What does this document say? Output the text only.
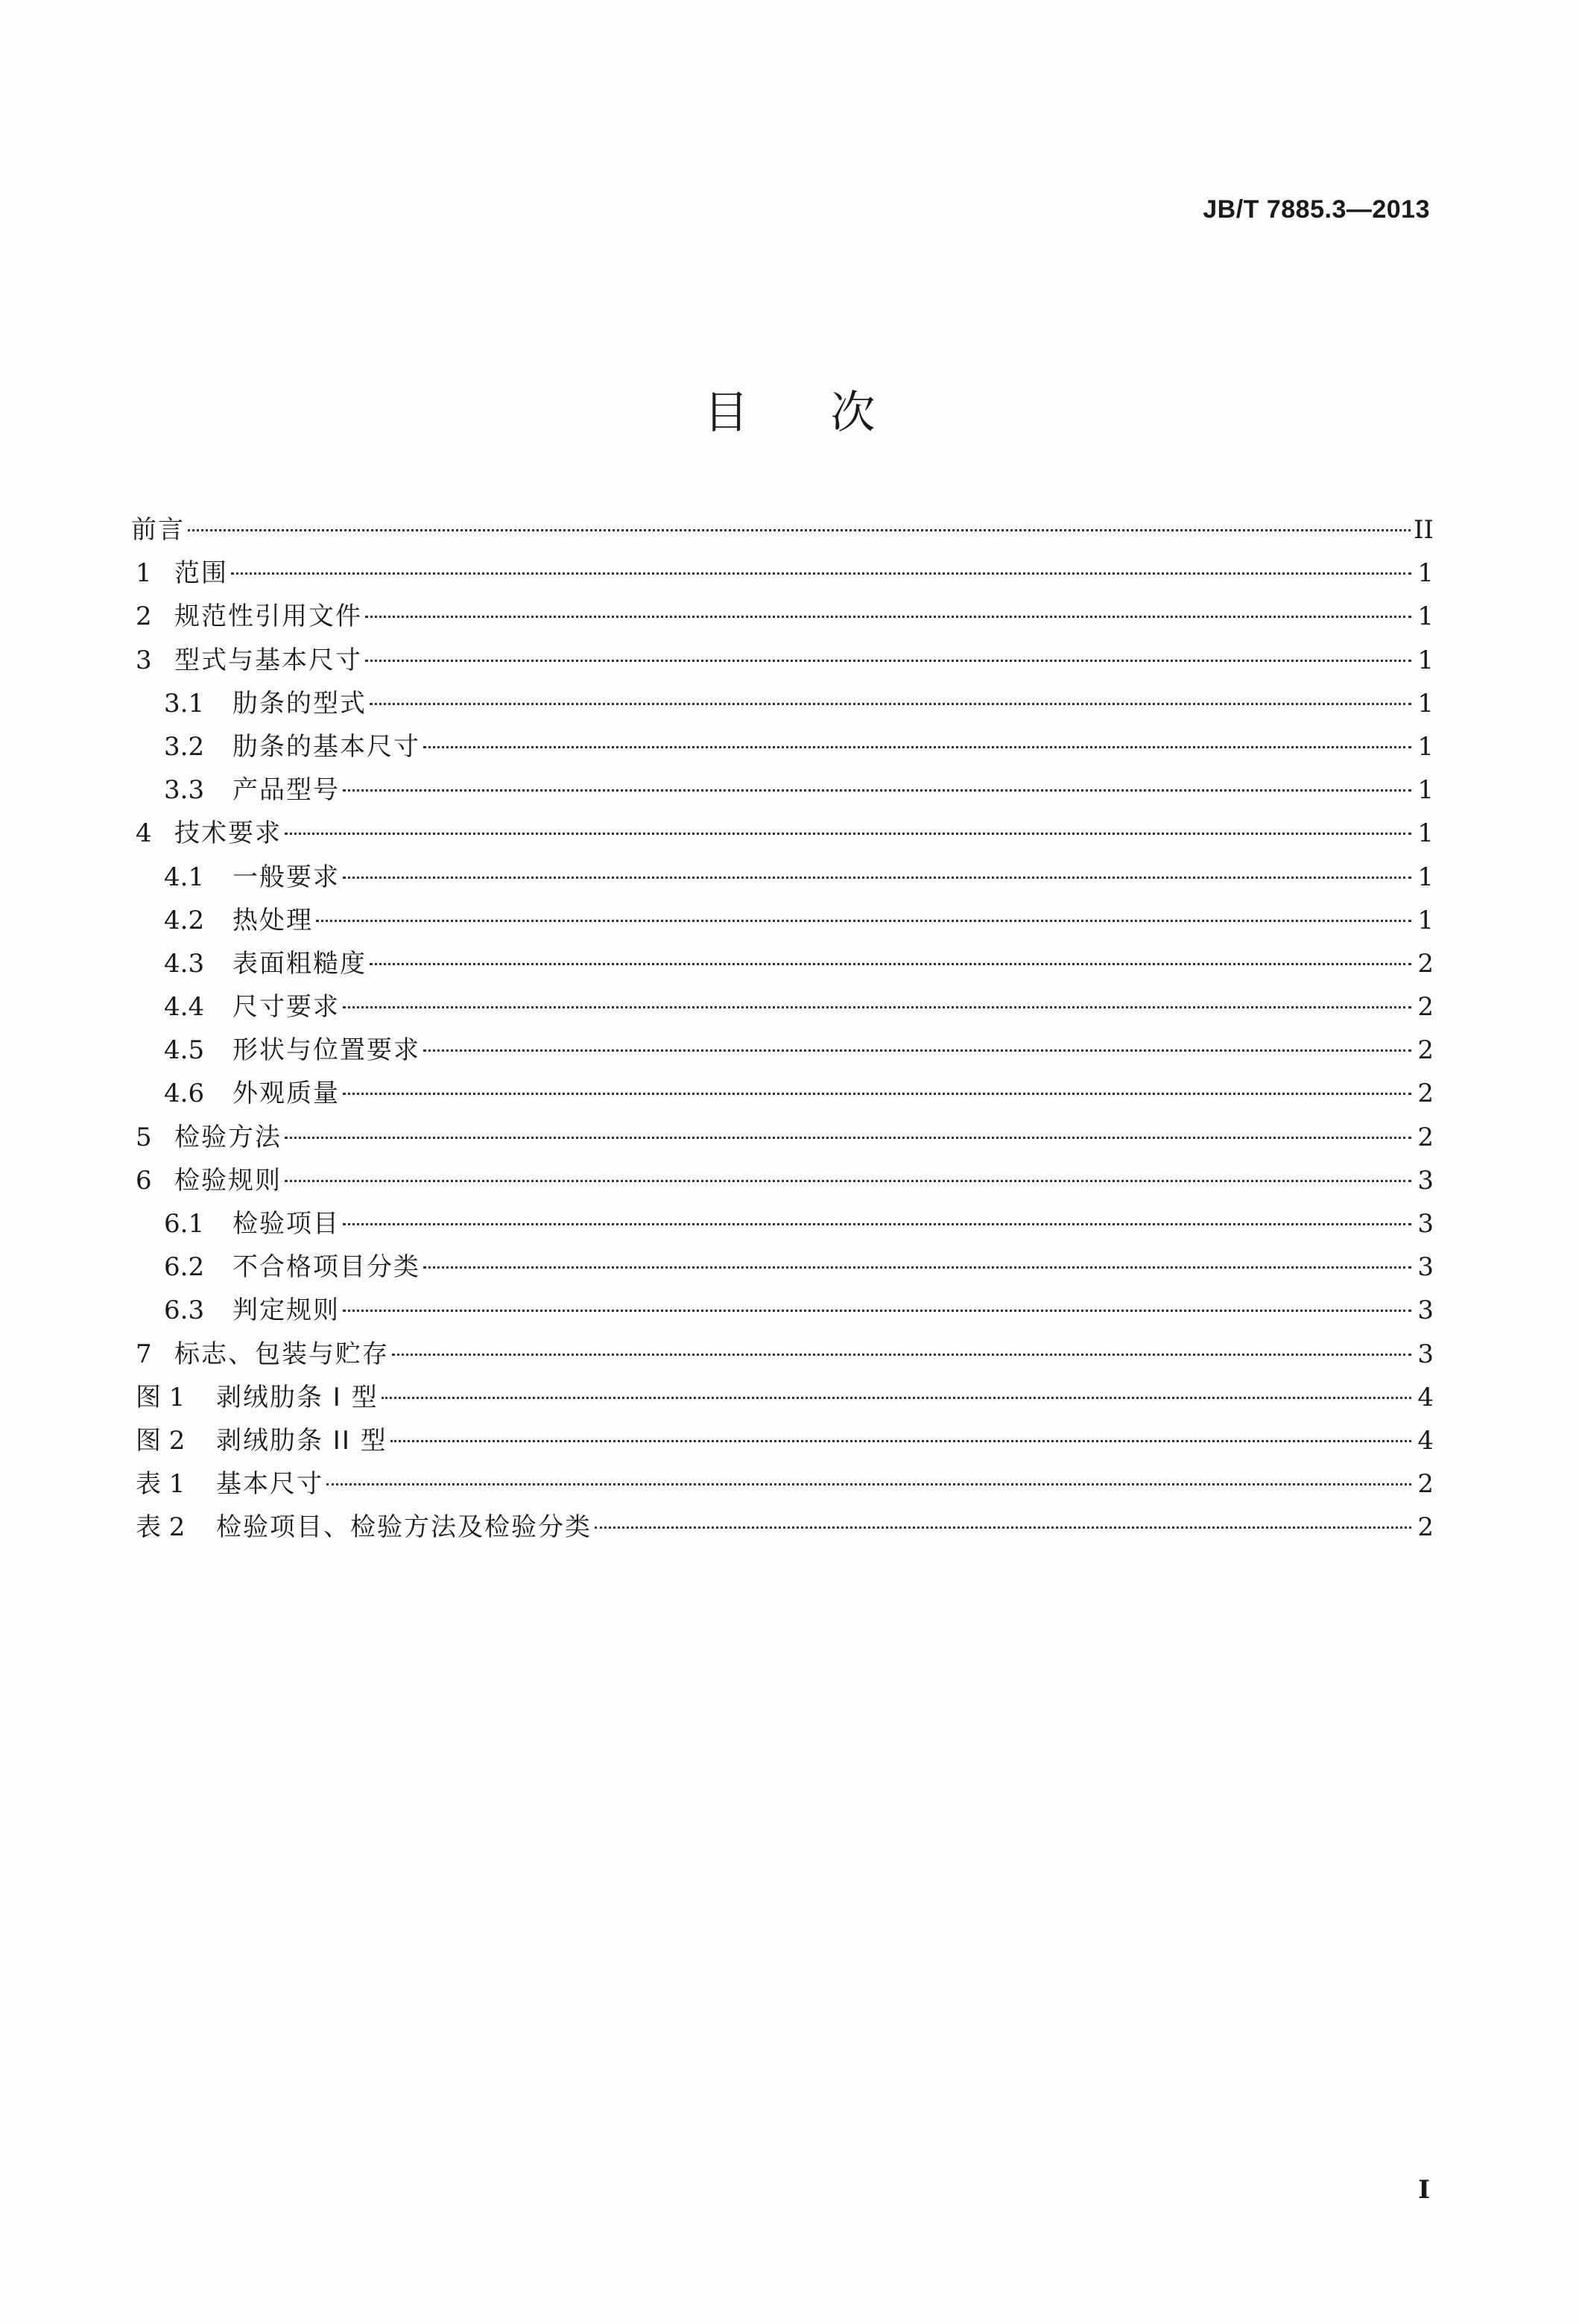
JB/T 7885.3—2013
目次
前言	II
1 范围	1
2 规范性引用文件	1
3 型式与基本尺寸	1
3.1	肋条的型式	1
3.2	肋条的基本尺寸	1
3.3	产品型号	1
4 技术要求	1
4.1	一般要求	1
4.2	热处理	1
4.3	表面粗糙度	2
4.4	尺寸要求	2
4.5	形状与位置要求	2
4.6	外观质量	2
5 检验方法	2
6 检验规则	3
6.1	检验项目	3
6.2	不合格项目分类	3
6.3	判定规则	3
7 标志、包装与贮存	3
图 1	剥绒肋条 I 型	4
图 2	剥绒肋条 II 型	4
表 1	基本尺寸	2
表 2	检验项目、检验方法及检验分类	2
I
